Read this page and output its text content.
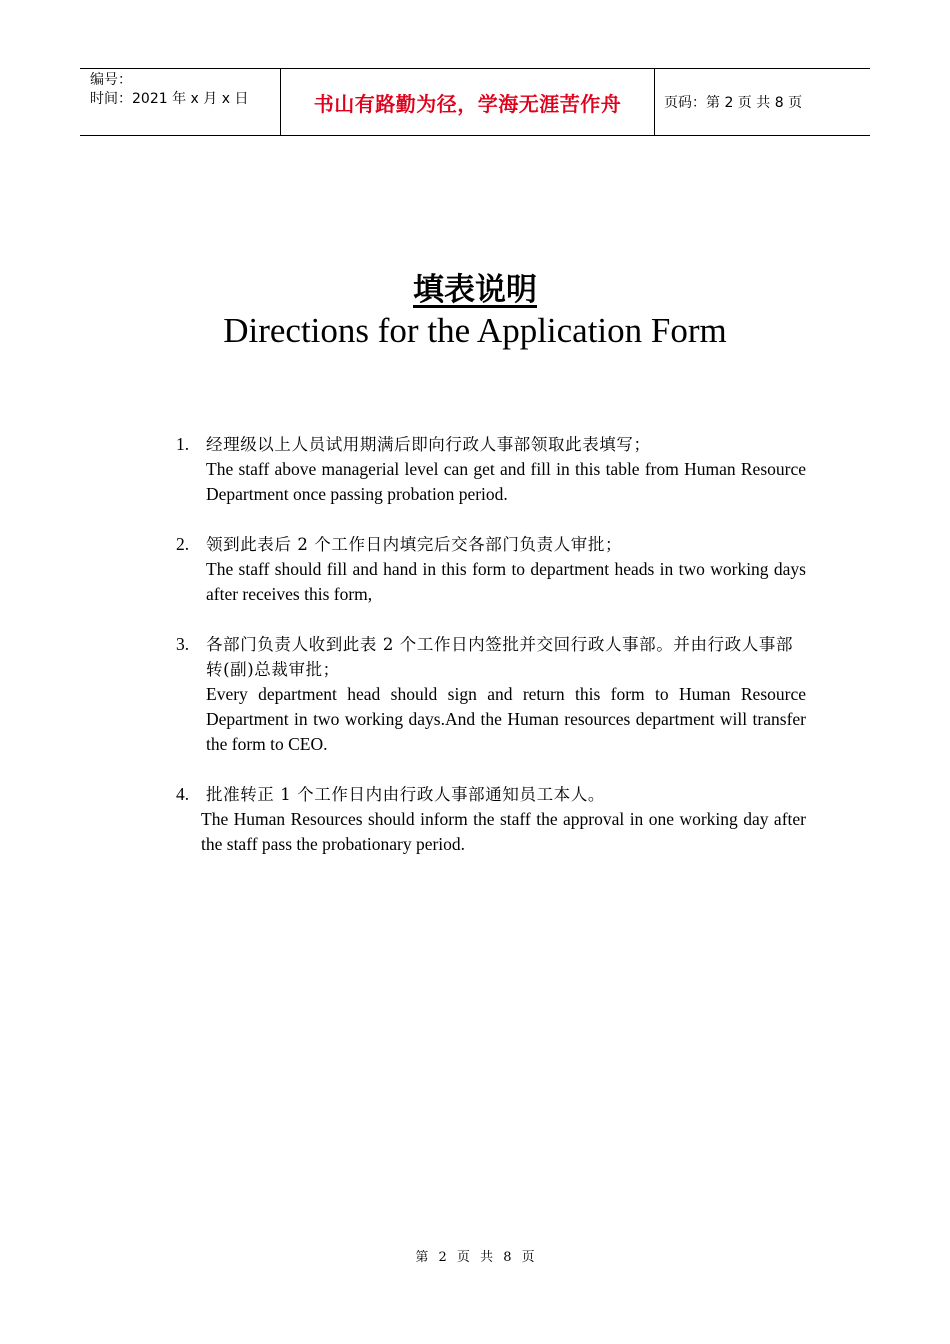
编号：
时间：2021 年 x 月 x 日	书山有路勤为径，学海无涯苦作舟	页码：第 2 页 共 8 页
填表说明
Directions for the Application Form
1.	经理级以上人员试用期满后即向行政人事部领取此表填写；
The staff above managerial level can get and fill in this table from Human Resource Department once passing probation period.
2.	领到此表后 2 个工作日内填完后交各部门负责人审批；
The staff should fill and hand in this form to department heads in two working days after receives this form,
3.	各部门负责人收到此表 2 个工作日内签批并交回行政人事部。并由行政人事部转(副)总裁审批；
Every department head should sign and return this form to Human Resource Department in two working days.And the Human resources department will transfer the form to CEO.
4.	批准转正 1 个工作日内由行政人事部通知员工本人。
The Human Resources should inform the staff the approval in one working day after the staff pass the probationary period.
第 2 页 共 8 页
